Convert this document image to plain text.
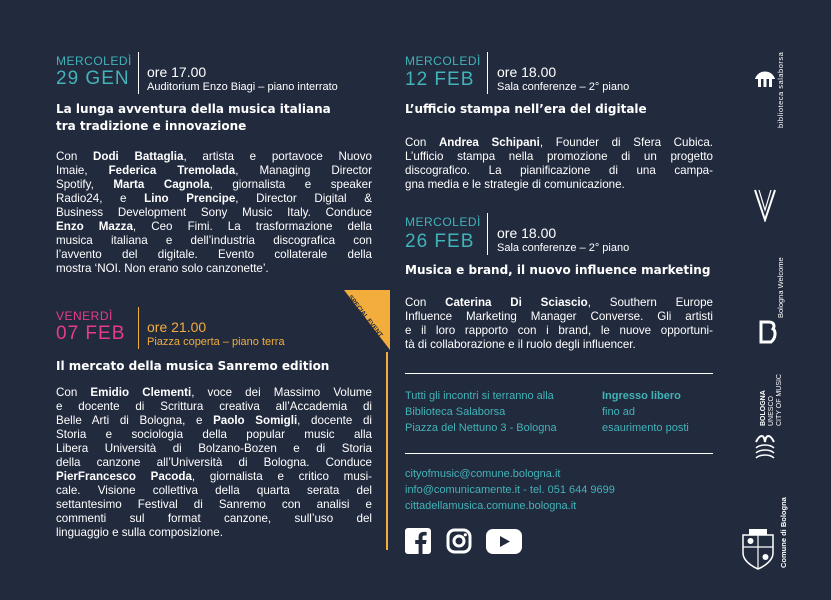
MERCOLEDÌ
29 GEN ore 17.00
Auditorium Enzo Biagi – piano interrato
La lunga avventura della musica italiana
tra tradizione e innovazione
Con Dodi Battaglia, artista e portavoce Nuovo
Imaie, Federica Tremolada, Managing Director
Spotify, Marta Cagnola, giornalista e speaker
Radio24, e Lino Prencipe, Director Digital &
Business Development Sony Music Italy. Conduce
Enzo Mazza, Ceo Fimi. La trasformazione della
musica italiana e dell’industria discografica con
l’avvento del digitale. Evento collaterale della
mostra ‘NOI. Non erano solo canzonette’.
VENERDÌ
07 FEB ore 21.00
Piazza coperta – piano terra
SPECIAL EVENT
Il mercato della musica Sanremo edition
Con Emidio Clementi, voce dei Massimo Volume
e docente di Scrittura creativa all’Accademia di
Belle Arti di Bologna, e Paolo Somigli, docente di
Storia e sociologia della popular music alla
Libera Università di Bolzano-Bozen e di Storia
della canzone all’Università di Bologna. Conduce
PierFrancesco Pacoda, giornalista e critico musi-
cale. Visione collettiva della quarta serata del
settantesimo Festival di Sanremo con analisi e
commenti sul format canzone, sull’uso del
linguaggio e sulla composizione.
MERCOLEDÌ
12 FEB ore 18.00
Sala conferenze – 2° piano
L’ufficio stampa nell’era del digitale
Con Andrea Schipani, Founder di Sfera Cubica.
L’ufficio stampa nella promozione di un progetto
discografico. La pianificazione di una campa-
gna media e le strategie di comunicazione.
MERCOLEDÌ
26 FEB ore 18.00
Sala conferenze – 2° piano
Musica e brand, il nuovo influence marketing
Con Caterina Di Sciascio, Southern Europe
Influence Marketing Manager Converse. Gli artisti
e il loro rapporto con i brand, le nuove opportuni-
tà di collaborazione e il ruolo degli influencer.
Tutti gli incontri si terranno alla
Biblioteca Salaborsa
Piazza del Nettuno 3 - Bologna
Ingresso libero
fino ad
esaurimento posti
cityofmusic@comune.bologna.it
info@comunicamente.it - tel. 051 644 9699
cittadellamusica.comune.bologna.it
biblioteca salaborsa
Bologna Welcome
BOLOGNA UNESCO CITY OF MUSIC
Comune di Bologna
